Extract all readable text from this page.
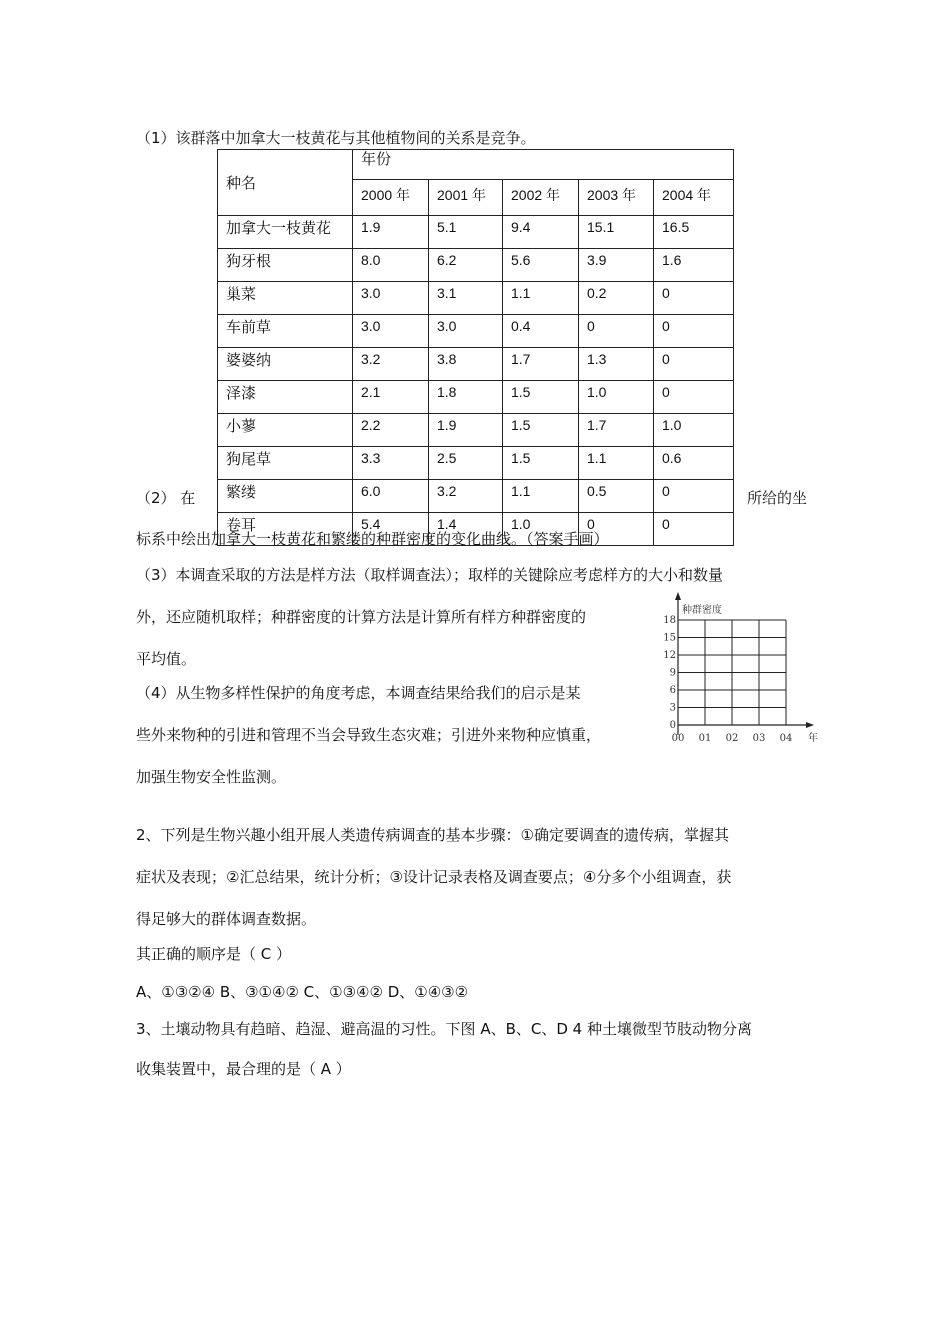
（1）该群落中加拿大一枝黄花与其他植物间的关系是竞争。
种名	年份				
	2000 年	2001 年	2002 年	2003 年	2004 年
加拿大一枝黄花	1.9	5.1	9.4	15.1	16.5
狗牙根	8.0	6.2	5.6	3.9	1.6
巢菜	3.0	3.1	1.1	0.2	0
车前草	3.0	3.0	0.4	0	0
婆婆纳	3.2	3.8	1.7	1.3	0
泽漆	2.1	1.8	1.5	1.0	0
小蓼	2.2	1.9	1.5	1.7	1.0
狗尾草	3.3	2.5	1.5	1.1	0.6
繁缕	6.0	3.2	1.1	0.5	0
卷耳	5.4	1.4	1.0	0	0
（2） 在	所给的坐
标系中绘出加拿大一枝黄花和繁缕的种群密度的变化曲线。（答案手画）
（3）本调查采取的方法是样方法（取样调查法）；取样的关键除应考虑样方的大小和数量
外，还应随机取样；种群密度的计算方法是计算所有样方种群密度的
平均值。
（4）从生物多样性保护的角度考虑，本调查结果给我们的启示是某
些外来物种的引进和管理不当会导致生态灾难；引进外来物种应慎重，
加强生物安全性监测。
种群密度
18
15
12
9
6
3
0
00 01 02 03 04 年
2、下列是生物兴趣小组开展人类遗传病调查的基本步骤：①确定要调查的遗传病，掌握其
症状及表现；②汇总结果，统计分析；③设计记录表格及调查要点；④分多个小组调查，获
得足够大的群体调查数据。
其正确的顺序是（ C ）
A、①③②④ B、③①④② C、①③④② D、①④③②
3、土壤动物具有趋暗、趋湿、避高温的习性。下图 A、B、C、D 4 种土壤微型节肢动物分离
收集装置中，最合理的是（ A ）
